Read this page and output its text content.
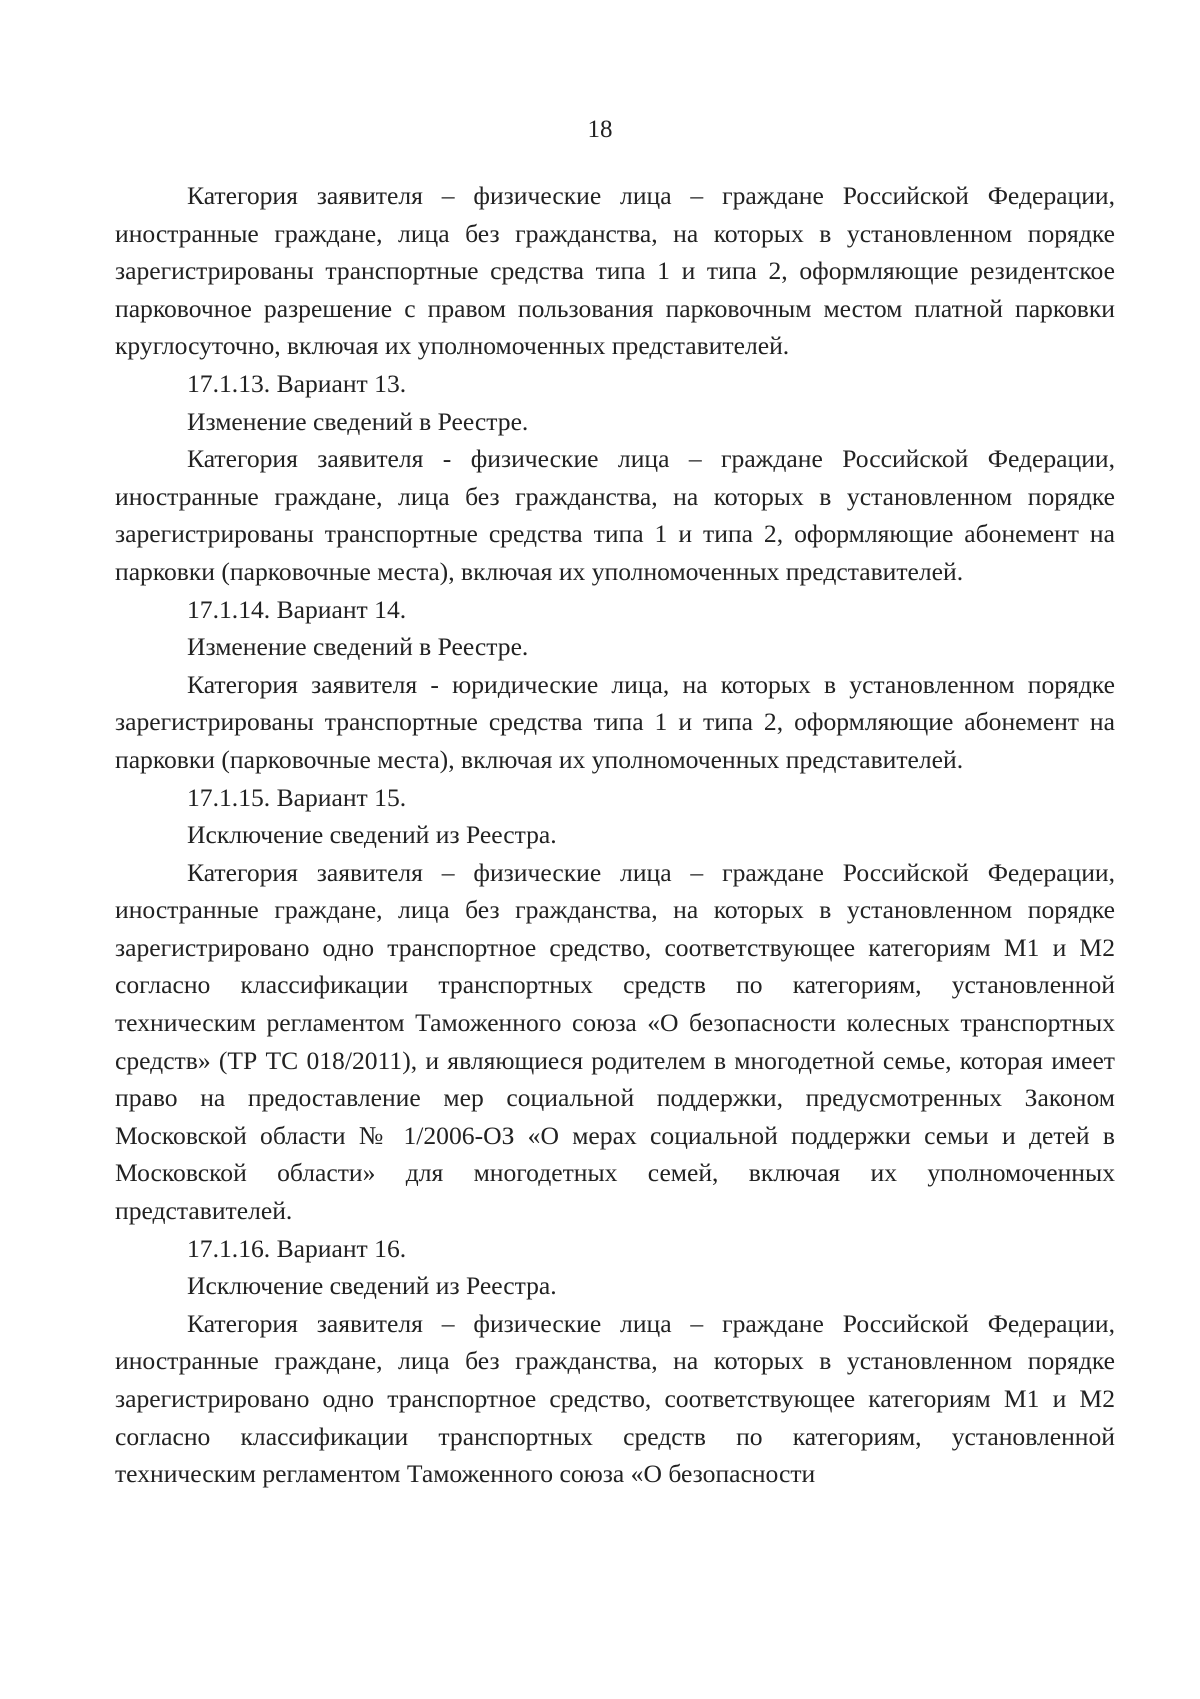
18

Категория заявителя – физические лица – граждане Российской Федерации, иностранные граждане, лица без гражданства, на которых в установленном порядке зарегистрированы транспортные средства типа 1 и типа 2, оформляющие резидентское парковочное разрешение с правом пользования парковочным местом платной парковки круглосуточно, включая их уполномоченных представителей.

17.1.13. Вариант 13.

Изменение сведений в Реестре.

Категория заявителя - физические лица – граждане Российской Федерации, иностранные граждане, лица без гражданства, на которых в установленном порядке зарегистрированы транспортные средства типа 1 и типа 2, оформляющие абонемент на парковки (парковочные места), включая их уполномоченных представителей.

17.1.14. Вариант 14.

Изменение сведений в Реестре.

Категория заявителя - юридические лица, на которых в установленном порядке зарегистрированы транспортные средства типа 1 и типа 2, оформляющие абонемент на парковки (парковочные места), включая их уполномоченных представителей.

17.1.15. Вариант 15.

Исключение сведений из Реестра.

Категория заявителя – физические лица – граждане Российской Федерации, иностранные граждане, лица без гражданства, на которых в установленном порядке зарегистрировано одно транспортное средство, соответствующее категориям M1 и M2 согласно классификации транспортных средств по категориям, установленной техническим регламентом Таможенного союза «О безопасности колесных транспортных средств» (ТР ТС 018/2011), и являющиеся родителем в многодетной семье, которая имеет право на предоставление мер социальной поддержки, предусмотренных Законом Московской области № 1/2006-ОЗ «О мерах социальной поддержки семьи и детей в Московской области» для многодетных семей, включая их уполномоченных представителей.

17.1.16. Вариант 16.

Исключение сведений из Реестра.

Категория заявителя – физические лица – граждане Российской Федерации, иностранные граждане, лица без гражданства, на которых в установленном порядке зарегистрировано одно транспортное средство, соответствующее категориям M1 и M2 согласно классификации транспортных средств по категориям, установленной техническим регламентом Таможенного союза «О безопасности
